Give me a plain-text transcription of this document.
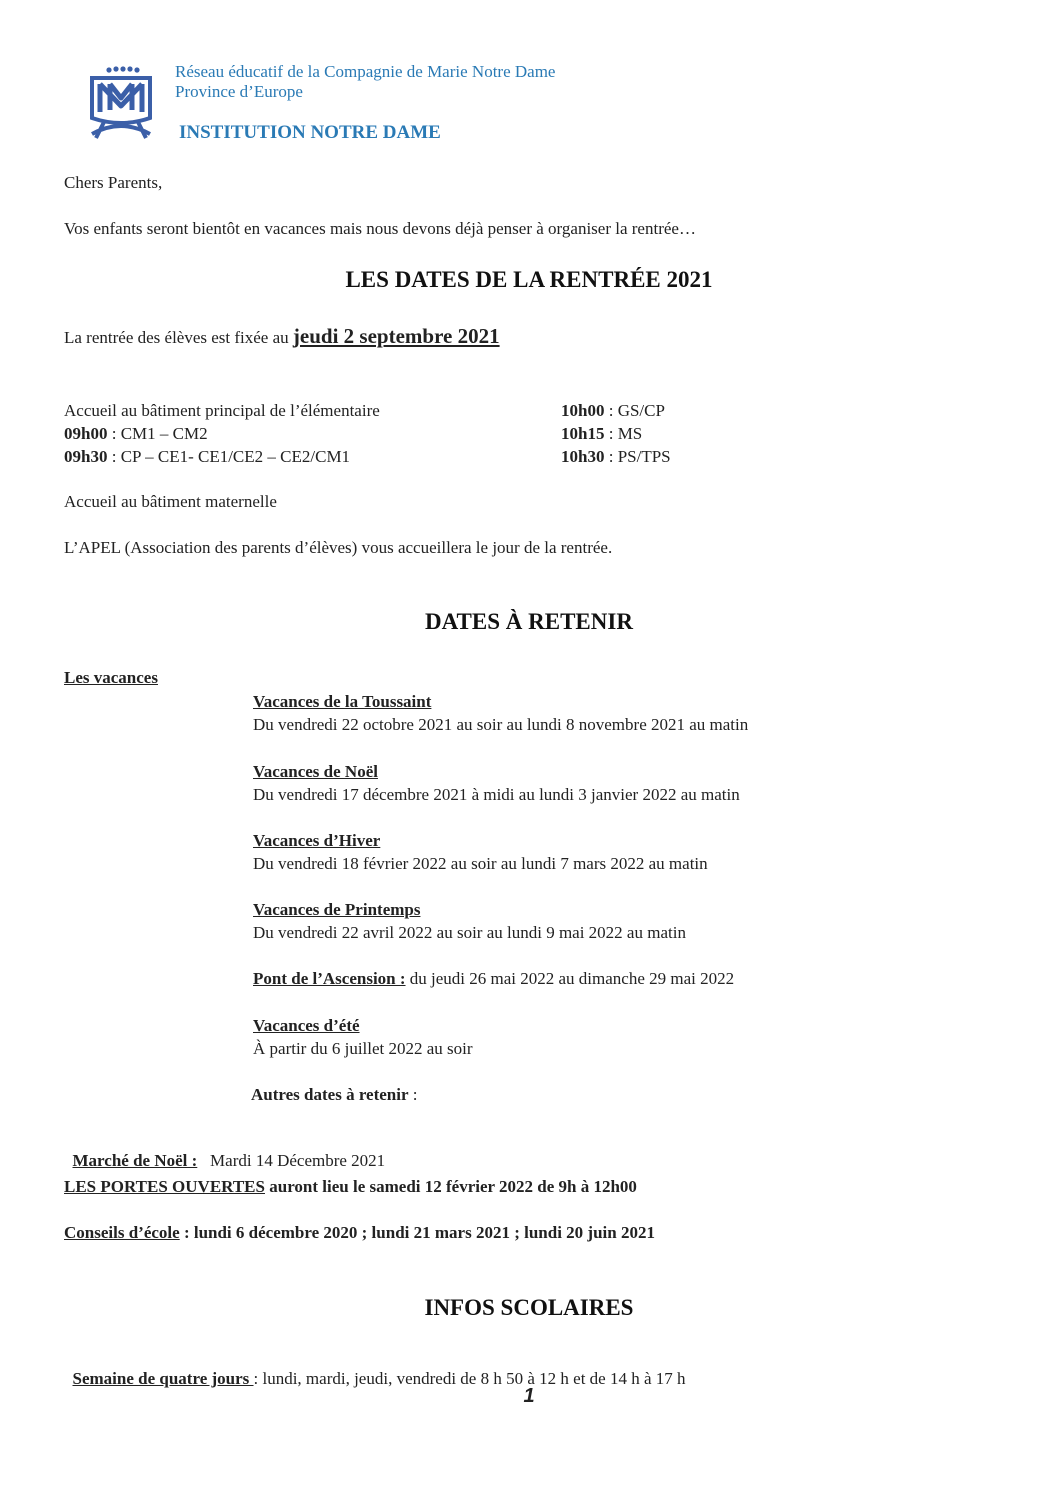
Réseau éducatif de la Compagnie de Marie Notre Dame
Province d’Europe
INSTITUTION NOTRE DAME
Chers Parents,
Vos enfants seront bientôt en vacances mais nous devons déjà penser à organiser la rentrée…
LES DATES DE LA RENTRÉE 2021
La rentrée des élèves est fixée au jeudi 2 septembre 2021
Accueil au bâtiment principal de l’élémentaire
09h00 : CM1 – CM2
09h30 : CP – CE1- CE1/CE2 – CE2/CM1
10h00 : GS/CP
10h15 : MS
10h30 : PS/TPS
Accueil au bâtiment maternelle
L’APEL (Association des parents d’élèves) vous accueillera le jour de la rentrée.
DATES À RETENIR
Les vacances
Vacances de la Toussaint
Du vendredi 22 octobre 2021 au soir au lundi 8 novembre 2021 au matin
Vacances de Noël
Du vendredi 17 décembre 2021 à midi au lundi 3 janvier 2022 au matin
Vacances d’Hiver
Du vendredi 18 février 2022 au soir au lundi 7 mars 2022 au matin
Vacances de Printemps
Du vendredi 22 avril 2022 au soir au lundi 9 mai 2022 au matin
Pont de l’Ascension : du jeudi 26 mai 2022 au dimanche 29 mai 2022
Vacances d’été
À partir du 6 juillet 2022 au soir
Autres dates à retenir :

Marché de Noël :   Mardi 14 Décembre 2021

LES PORTES OUVERTES auront lieu le samedi 12 février 2022 de 9h à 12h00
Conseils d’école : lundi 6 décembre 2020 ; lundi 21 mars 2021 ; lundi 20 juin 2021
INFOS SCOLAIRES

Semaine de quatre jours : lundi, mardi, jeudi, vendredi de 8 h 50 à 12 h et de 14 h à 17 h

1
